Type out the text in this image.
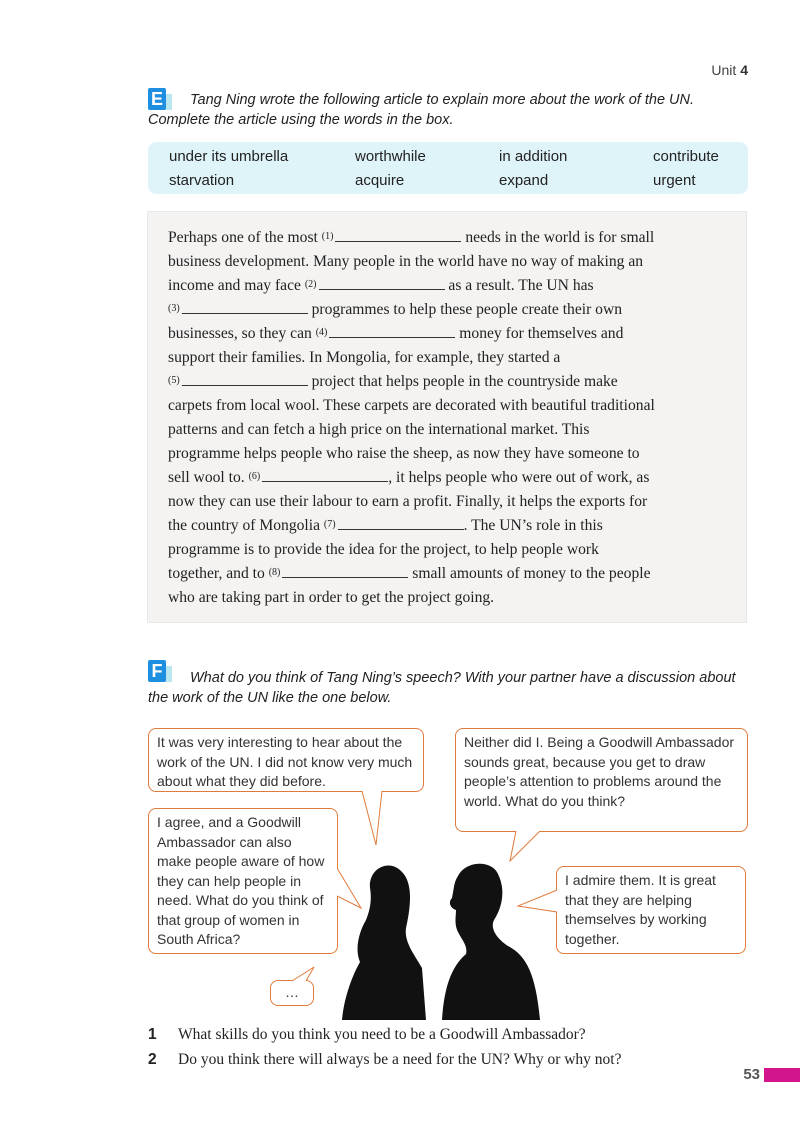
Unit 4
E	Tang Ning wrote the following article to explain more about the work of the UN.
Complete the article using the words in the box.
under its umbrella	worthwhile	in addition	contribute
starvation	acquire	expand	urgent
Perhaps one of the most $^{(1)}$	needs in the world is for small
business development. Many people in the world have no way of making an
income and may face $^{(2)}$	as a result. The UN has
$^{(3)}$	programmes to help these people create their own
businesses, so they can $^{(4)}$	money for themselves and
support their families. In Mongolia, for example, they started a
$^{(5)}$	project that helps people in the countryside make
carpets from local wool. These carpets are decorated with beautiful traditional
patterns and can fetch a high price on the international market. This
programme helps people who raise the sheep, as now they have someone to
sell wool to. $^{(6)}$	, it helps people who were out of work, as
now they can use their labour to earn a profit. Finally, it helps the exports for
the country of Mongolia $^{(7)}$	. The UN’s role in this
programme is to provide the idea for the project, to help people work
together, and to $^{(8)}$	small amounts of money to the people
who are taking part in order to get the project going.
F	What do you think of Tang Ning’s speech? With your partner have a discussion about
the work of the UN like the one below.
It was very interesting to hear about the work of the UN. I did not know very much about what they did before.
Neither did I. Being a Goodwill Ambassador sounds great, because you get to draw people’s attention to problems around the world. What do you think?
I agree, and a Goodwill Ambassador can also make people aware of how they can help people in need. What do you think of that group of women in South Africa?
I admire them. It is great that they are helping themselves by working together.
…
1 What skills do you think you need to be a Goodwill Ambassador?
2 Do you think there will always be a need for the UN? Why or why not?
53
